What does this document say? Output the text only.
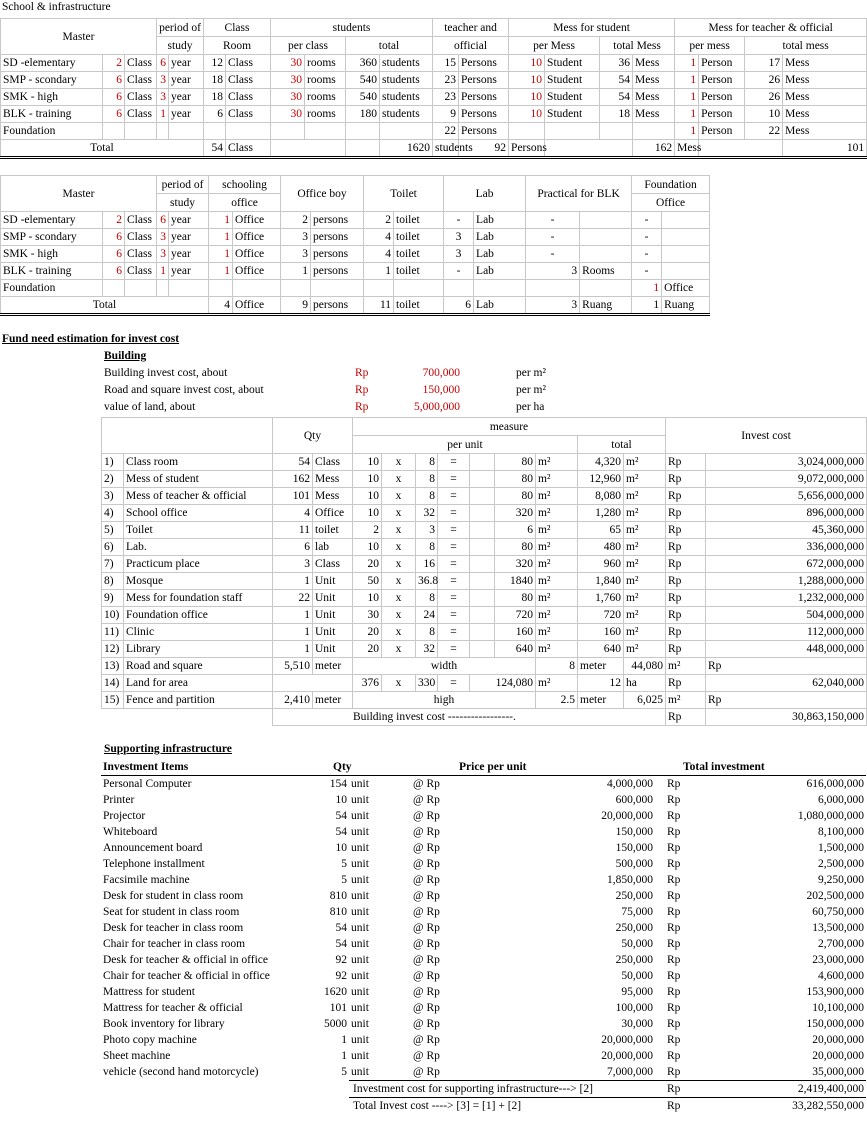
School & infrastructure
Master			period of		Class		students				teacher and		Mess for student				Mess for teacher & official				
			study		Room		per class		total		official		per Mess		total Mess		per mess		total mess		
SD -elementary	2	Class	6	year	12	Class	30	rooms	360	students	15	Persons	10	Student	36	Mess	1	Person	17	Mess	
SMP - scondary	6	Class	3	year	18	Class	30	rooms	540	students	23	Persons	10	Student	54	Mess	1	Person	26	Mess	
SMK - high	6	Class	3	year	18	Class	30	rooms	540	students	23	Persons	10	Student	54	Mess	1	Person	26	Mess	
BLK - training	6	Class	1	year	6	Class	30	rooms	180	students	9	Persons	10	Student	18	Mess	1	Person	10	Mess	
Foundation											22	Persons					1	Person	22	Mess	
Total					54	Class				1620	students	92	Persons			162	Mess			101	
Master			period of		schooling		Office boy		Toilet		Lab		Practical for BLK		Foundation	
			study		office										Office	
SD -elementary	2	Class	6	year	1	Office	2	persons	2	toilet	-	Lab	-		-	
SMP - scondary	6	Class	3	year	1	Office	3	persons	4	toilet	3	Lab	-		-	
SMK - high	6	Class	3	year	1	Office	3	persons	4	toilet	3	Lab	-		-	
BLK - training	6	Class	1	year	1	Office	1	persons	1	toilet	-	Lab	3	Rooms	-	
Foundation															1	Office
Total					4	Office	9	persons	11	toilet	6	Lab	3	Ruang	1	Ruang
Fund need estimation for invest cost
Building
Building invest cost, about	Rp	700,000	per m²
Road and square invest cost, about	Rp	150,000	per m²
value of land, about	Rp	5,000,000	per ha
		Qty		measure									Invest cost		
				per unit							total				
1)	Class room	54	Class	10	x	8	=		80	m²	4,320	m²	Rp	3,024,000,000	
2)	Mess of student	162	Mess	10	x	8	=		80	m²	12,960	m²	Rp	9,072,000,000	
3)	Mess of teacher & official	101	Mess	10	x	8	=		80	m²	8,080	m²	Rp	5,656,000,000	
4)	School office	4	Office	10	x	32	=		320	m²	1,280	m²	Rp	896,000,000	
5)	Toilet	11	toilet	2	x	3	=		6	m²	65	m²	Rp	45,360,000	
6)	Lab.	6	lab	10	x	8	=		80	m²	480	m²	Rp	336,000,000	
7)	Practicum place	3	Class	20	x	16	=		320	m²	960	m²	Rp	672,000,000	
8)	Mosque	1	Unit	50	x	36.8	=		1840	m²	1,840	m²	Rp	1,288,000,000	
9)	Mess for foundation staff	22	Unit	10	x	8	=		80	m²	1,760	m²	Rp	1,232,000,000	
10)	Foundation office	1	Unit	30	x	24	=		720	m²	720	m²	Rp	504,000,000	
11)	Clinic	1	Unit	20	x	8	=		160	m²	160	m²	Rp	112,000,000	
12)	Library	1	Unit	20	x	32	=		640	m²	640	m²	Rp	448,000,000	
13)	Road and square	5,510	meter	width						8	meter	44,080	m²	Rp	
14)	Land for area			376	x	330	=	124,080		m²	12	ha	Rp	62,040,000	
15)	Fence and partition	2,410	meter	high						2.5	meter	6,025	m²	Rp	
		Building invest cost -----------------.											Rp	30,863,150,000	
Supporting infrastructure
Investment Items	Qty		Price per unit		Total investment	
Personal Computer	154	unit	@ Rp	4,000,000	Rp	616,000,000
Printer	10	unit	@ Rp	600,000	Rp	6,000,000
Projector	54	unit	@ Rp	20,000,000	Rp	1,080,000,000
Whiteboard	54	unit	@ Rp	150,000	Rp	8,100,000
Announcement board	10	unit	@ Rp	150,000	Rp	1,500,000
Telephone installment	5	unit	@ Rp	500,000	Rp	2,500,000
Facsimile machine	5	unit	@ Rp	1,850,000	Rp	9,250,000
Desk for student in class room	810	unit	@ Rp	250,000	Rp	202,500,000
Seat for student in class room	810	unit	@ Rp	75,000	Rp	60,750,000
Desk for teacher in class room	54	unit	@ Rp	250,000	Rp	13,500,000
Chair for teacher in class room	54	unit	@ Rp	50,000	Rp	2,700,000
Desk for teacher & official in office	92	unit	@ Rp	250,000	Rp	23,000,000
Chair for teacher & official in office	92	unit	@ Rp	50,000	Rp	4,600,000
Mattress for student	1620	unit	@ Rp	95,000	Rp	153,900,000
Mattress for teacher & official	101	unit	@ Rp	100,000	Rp	10,100,000
Book inventory for library	5000	unit	@ Rp	30,000	Rp	150,000,000
Photo copy machine	1	unit	@ Rp	20,000,000	Rp	20,000,000
Sheet machine	1	unit	@ Rp	20,000,000	Rp	20,000,000
vehicle (second hand motorcycle)	5	unit	@ Rp	7,000,000	Rp	35,000,000
		Investment cost for supporting infrastructure---> [2]			Rp	2,419,400,000
		Total Invest cost ----> [3] = [1] + [2]			Rp	33,282,550,000
